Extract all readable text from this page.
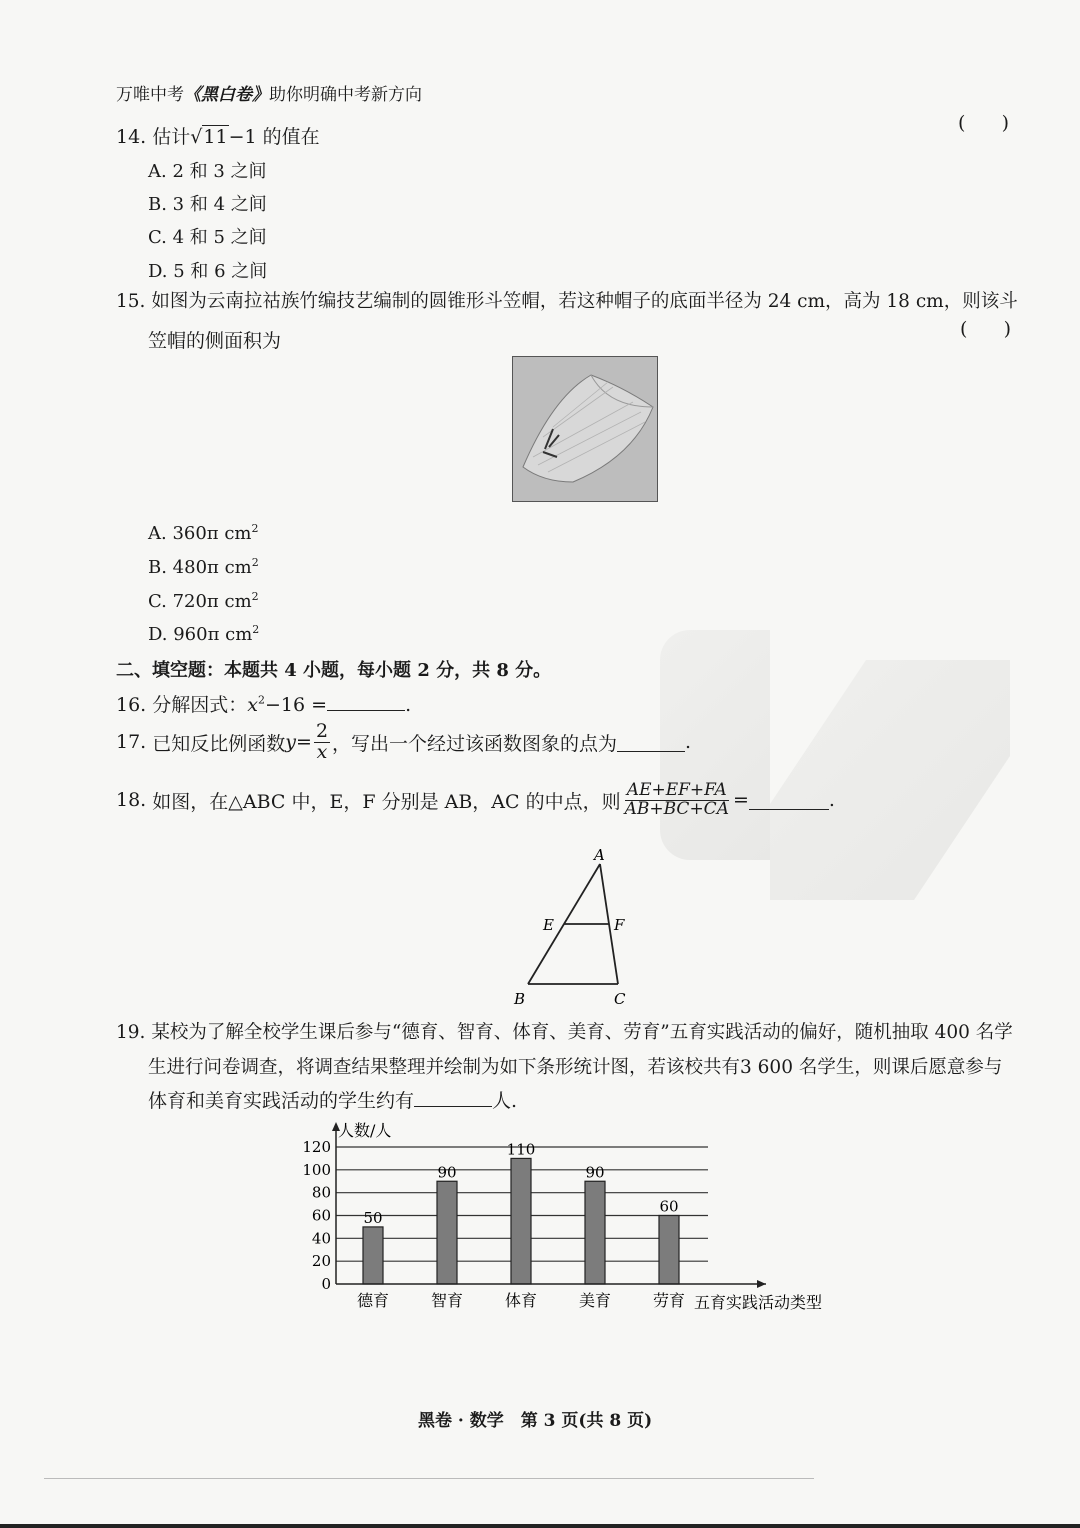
万唯中考《黑白卷》助你明确中考新方向
14. 估计√11−1 的值在
(      )
A. 2 和 3 之间
B. 3 和 4 之间
C. 4 和 5 之间
D. 5 和 6 之间
15. 如图为云南拉祜族竹编技艺编制的圆锥形斗笠帽，若这种帽子的底面半径为 24 cm，高为 18 cm，则该斗
笠帽的侧面积为
(      )
A. 360π $cm^2$
B. 480π $cm^2$
C. 720π $cm^2$
D. 960π $cm^2$
二、填空题：本题共 4 小题，每小题 2 分，共 8 分。
16. 分解因式：$x^2-16$ =	.
17.
已知反比例函数 $y = \frac{2}{x}$ ，写出一个经过该函数图象的点为	.
18.
如图，在△ABC 中，E，F 分别是 AB，AC 的中点，则 $\frac{AE+EF+FA}{AB+BC+CA}$ =	.
A
B	C
E	F
19. 某校为了解全校学生课后参与“德育、智育、体育、美育、劳育”五育实践活动的偏好，随机抽取 400 名学
生进行问卷调查，将调查结果整理并绘制为如下条形统计图，若该校共有3 600 名学生，则课后愿意参与
体育和美育实践活动的学生约有	人.
0
20
40
60
80
100
120
50
德育
90
智育
110
体育
90
美育
60
劳育
人数/人
五育实践活动类型
黑卷 · 数学　第 3 页(共 8 页)
